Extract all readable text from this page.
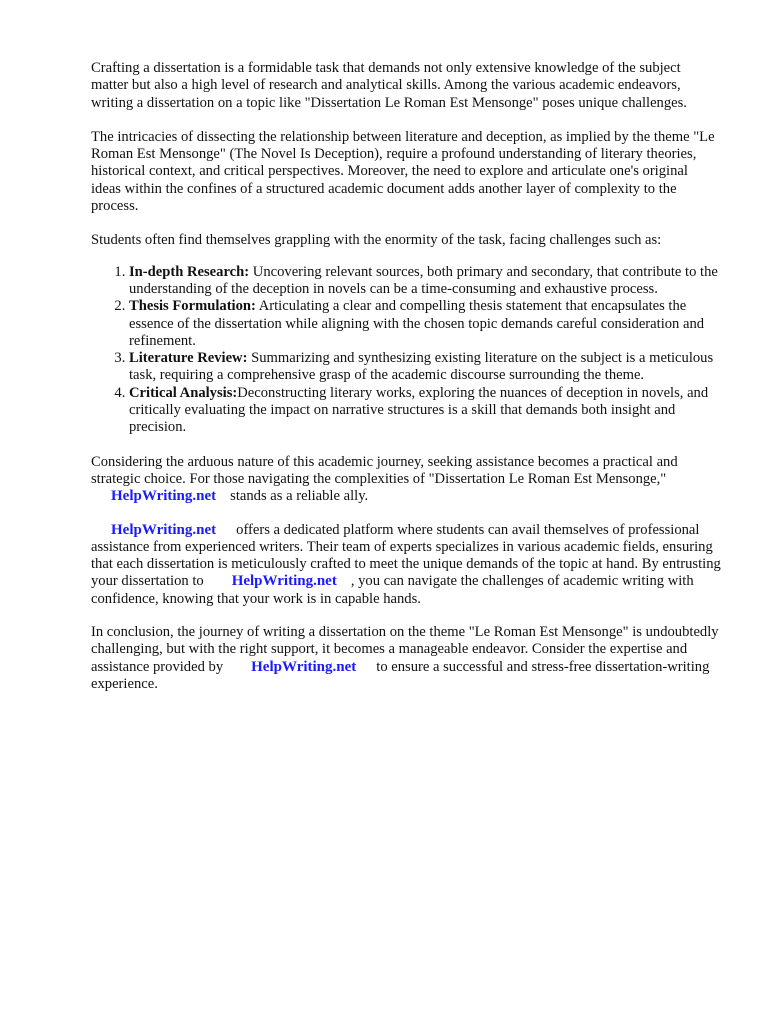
Crafting a dissertation is a formidable task that demands not only extensive knowledge of the subject matter but also a high level of research and analytical skills. Among the various academic endeavors, writing a dissertation on a topic like "Dissertation Le Roman Est Mensonge" poses unique challenges.

The intricacies of dissecting the relationship between literature and deception, as implied by the theme "Le Roman Est Mensonge" (The Novel Is Deception), require a profound understanding of literary theories, historical context, and critical perspectives. Moreover, the need to explore and articulate one's original ideas within the confines of a structured academic document adds another layer of complexity to the process.

Students often find themselves grappling with the enormity of the task, facing challenges such as:

1. In-depth Research: Uncovering relevant sources, both primary and secondary, that contribute to the understanding of the deception in novels can be a time-consuming and exhaustive process.
2. Thesis Formulation: Articulating a clear and compelling thesis statement that encapsulates the essence of the dissertation while aligning with the chosen topic demands careful consideration and refinement.
3. Literature Review: Summarizing and synthesizing existing literature on the subject is a meticulous task, requiring a comprehensive grasp of the academic discourse surrounding the theme.
4. Critical Analysis:Deconstructing literary works, exploring the nuances of deception in novels, and critically evaluating the impact on narrative structures is a skill that demands both insight and precision.

Considering the arduous nature of this academic journey, seeking assistance becomes a practical and strategic choice. For those navigating the complexities of "Dissertation Le Roman Est Mensonge,"
HelpWriting.net stands as a reliable ally.

HelpWriting.net offers a dedicated platform where students can avail themselves of professional assistance from experienced writers. Their team of experts specializes in various academic fields, ensuring that each dissertation is meticulously crafted to meet the unique demands of the topic at hand. By entrusting your dissertation to HelpWriting.net , you can navigate the challenges of academic writing with confidence, knowing that your work is in capable hands.

In conclusion, the journey of writing a dissertation on the theme "Le Roman Est Mensonge" is undoubtedly challenging, but with the right support, it becomes a manageable endeavor. Consider the expertise and assistance provided by HelpWriting.net to ensure a successful and stress-free dissertation-writing experience.
